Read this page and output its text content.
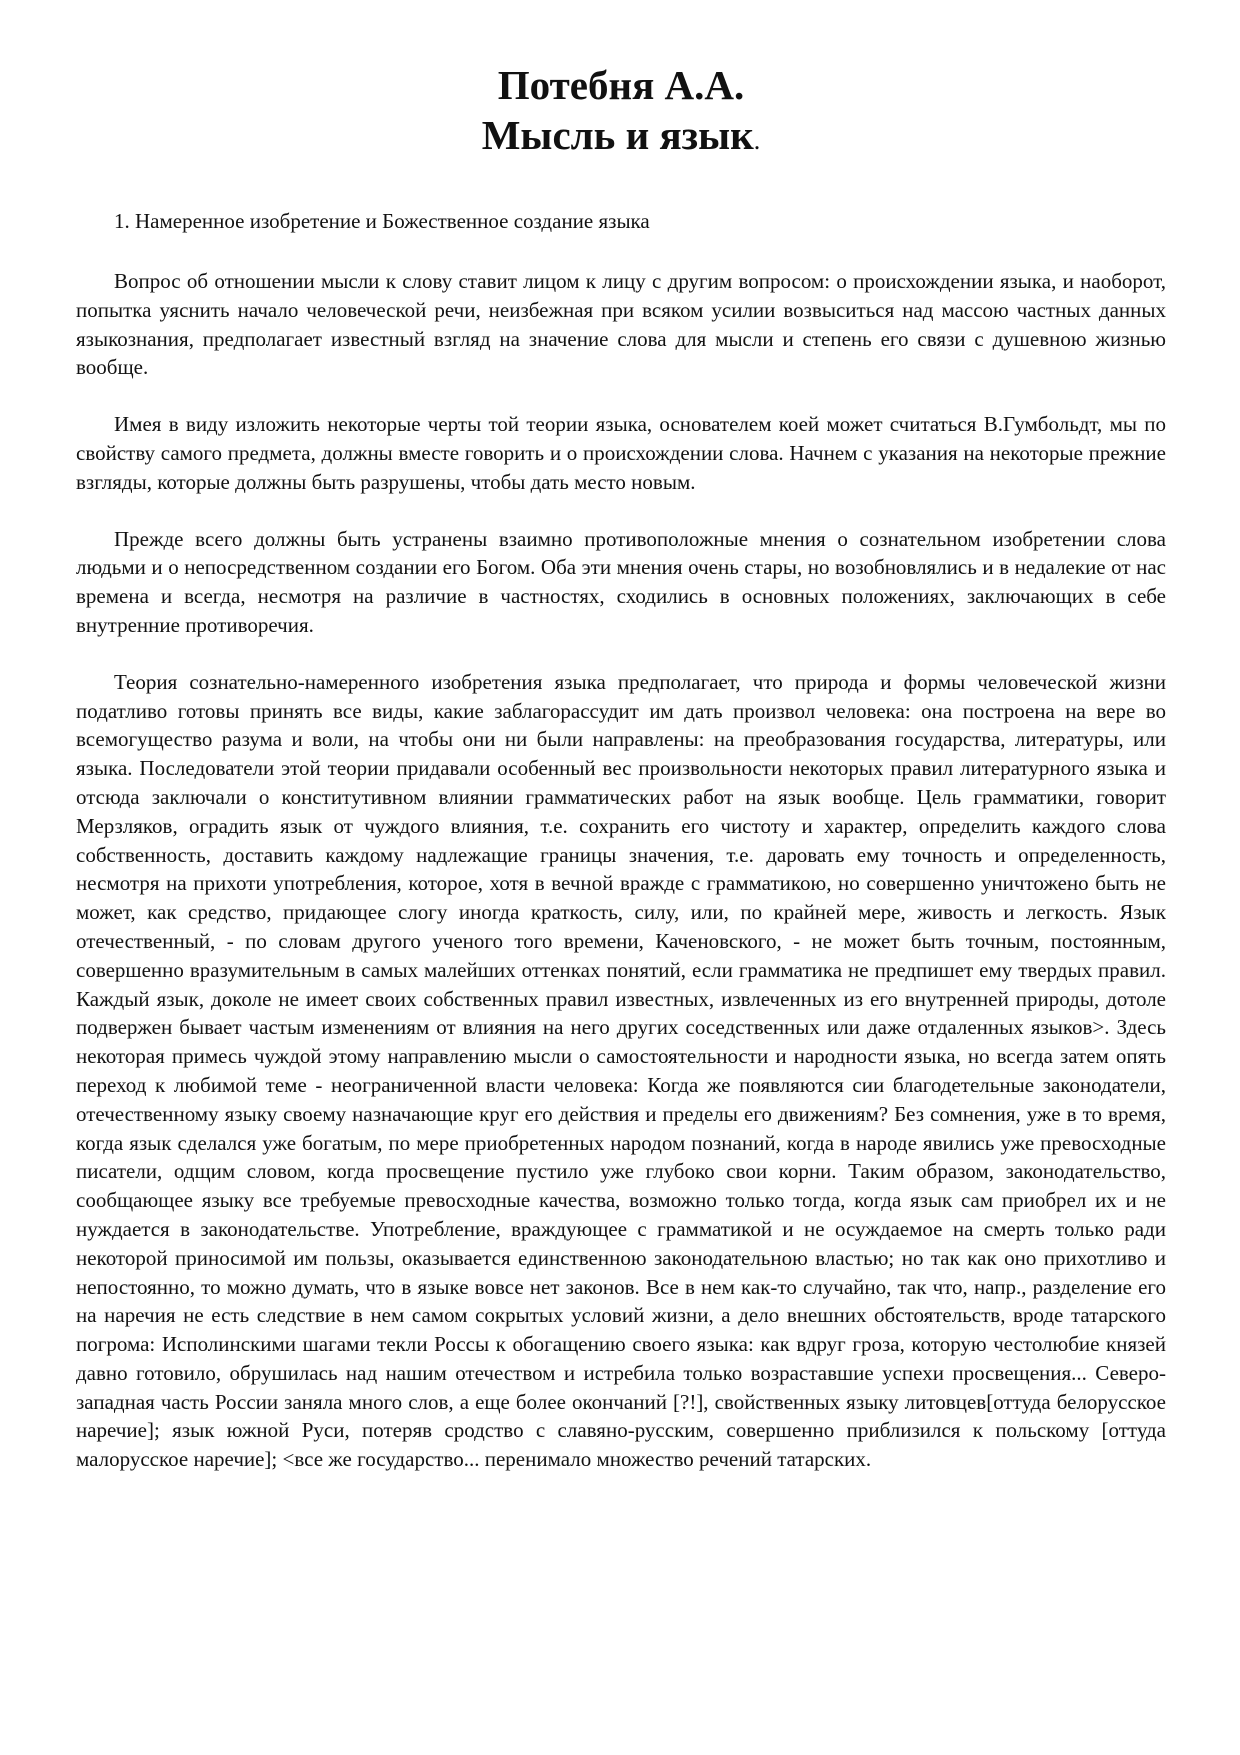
Потебня А.А.
Мысль и язык.

1. Намеренное изобретение и Божественное создание языка

Вопрос об отношении мысли к слову ставит лицом к лицу с другим вопросом: о происхождении языка, и наоборот, попытка уяснить начало человеческой речи, неизбежная при всяком усилии возвыситься над массою частных данных языкознания, предполагает известный взгляд на значение слова для мысли и степень его связи с душевною жизнью вообще.

Имея в виду изложить некоторые черты той теории языка, основателем коей может считаться В.Гумбольдт, мы по свойству самого предмета, должны вместе говорить и о происхождении слова. Начнем с указания на некоторые прежние взгляды, которые должны быть разрушены, чтобы дать место новым.

Прежде всего должны быть устранены взаимно противоположные мнения о сознательном изобретении слова людьми и о непосредственном создании его Богом. Оба эти мнения очень стары, но возобновлялись и в недалекие от нас времена и всегда, несмотря на различие в частностях, сходились в основных положениях, заключающих в себе внутренние противоречия.

Теория сознательно-намеренного изобретения языка предполагает, что природа и формы человеческой жизни податливо готовы принять все виды, какие заблагорассудит им дать произвол человека: она построена на вере во всемогущество разума и воли, на чтобы они ни были направлены: на преобразования государства, литературы, или языка. Последователи этой теории придавали особенный вес произвольности некоторых правил литературного языка и отсюда заключали о конститутивном влиянии грамматических работ на язык вообще. Цель грамматики, говорит Мерзляков, оградить язык от чуждого влияния, т.е. сохранить его чистоту и характер, определить каждого слова собственность, доставить каждому надлежащие границы значения, т.е. даровать ему точность и определенность, несмотря на прихоти употребления, которое, хотя в вечной вражде с грамматикою, но совершенно уничтожено быть не может, как средство, придающее слогу иногда краткость, силу, или, по крайней мере, живость и легкость. Язык отечественный, - по словам другого ученого того времени, Каченовского, - не может быть точным, постоянным, совершенно вразумительным в самых малейших оттенках понятий, если грамматика не предпишет ему твердых правил. Каждый язык, доколе не имеет своих собственных правил известных, извлеченных из его внутренней природы, дотоле подвержен бывает частым изменениям от влияния на него других соседственных или даже отдаленных языков>. Здесь некоторая примесь чуждой этому направлению мысли о самостоятельности и народности языка, но всегда затем опять переход к любимой теме - неограниченной власти человека: Когда же появляются сии благодетельные законодатели, отечественному языку своему назначающие круг его действия и пределы его движениям? Без сомнения, уже в то время, когда язык сделался уже богатым, по мере приобретенных народом познаний, когда в народе явились уже превосходные писатели, одщим словом, когда просвещение пустило уже глубоко свои корни. Таким образом, законодательство, сообщающее языку все требуемые превосходные качества, возможно только тогда, когда язык сам приобрел их и не нуждается в законодательстве. Употребление, враждующее с грамматикой и не осуждаемое на смерть только ради некоторой приносимой им пользы, оказывается единственною законодательною властью; но так как оно прихотливо и непостоянно, то можно думать, что в языке вовсе нет законов. Все в нем как-то случайно, так что, напр., разделение его на наречия не есть следствие в нем самом сокрытых условий жизни, а дело внешних обстоятельств, вроде татарского погрома: Исполинскими шагами текли Россы к обогащению своего языка: как вдруг гроза, которую честолюбие князей давно готовило, обрушилась над нашим отечеством и истребила только возраставшие успехи просвещения... Северо-западная часть России заняла много слов, а еще более окончаний [?!], свойственных языку литовцев[оттуда белорусское наречие]; язык южной Руси, потеряв сродство с славяно-русским, совершенно приблизился к польскому [оттуда малорусское наречие]; <все же государство... перенимало множество речений татарских.
